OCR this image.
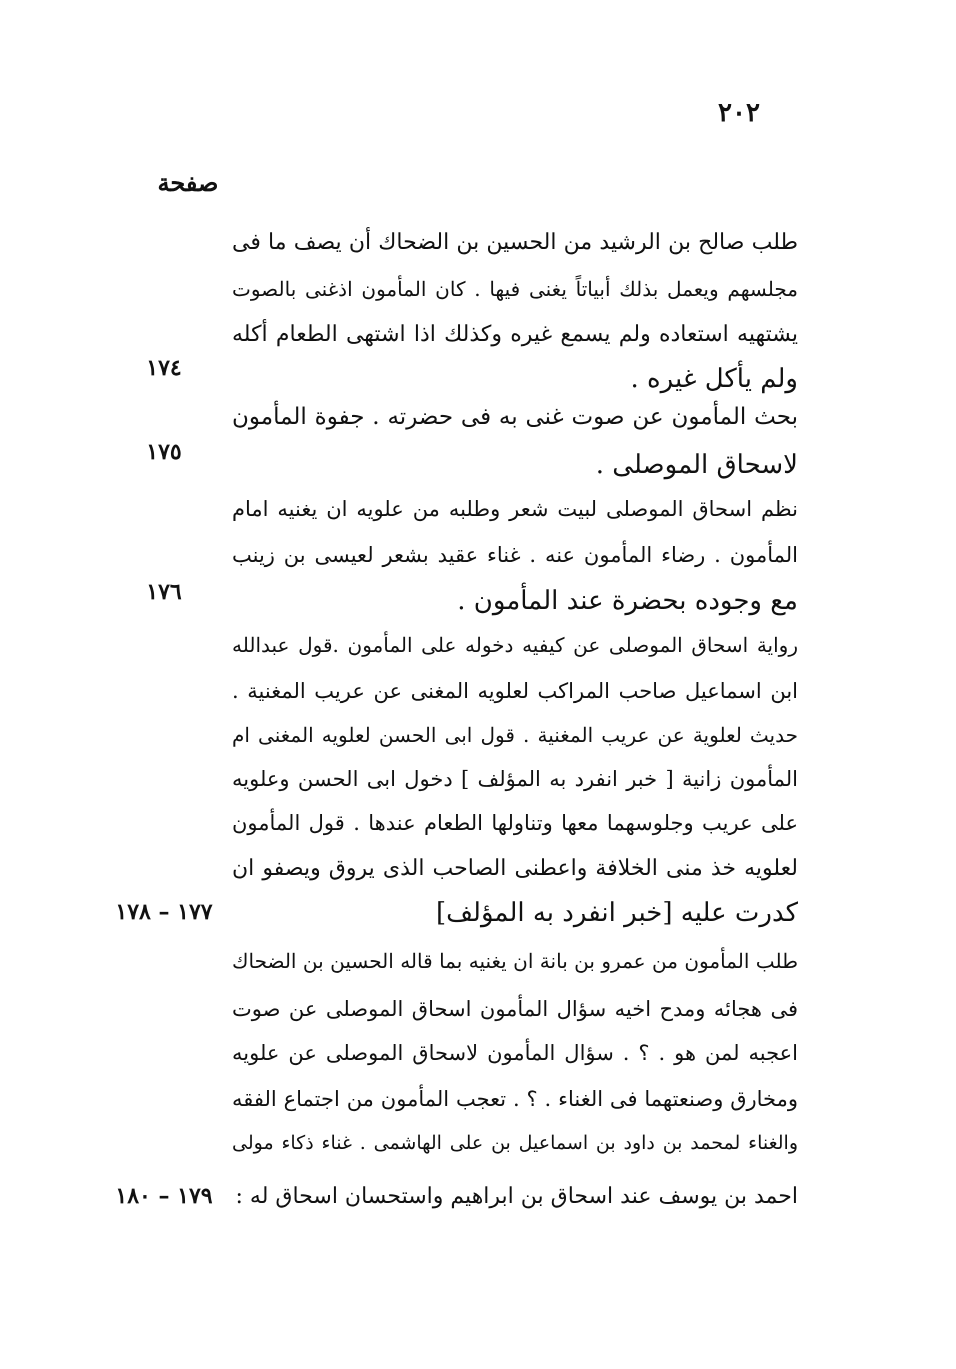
٢٠٢
صفحة
طلب صالح بن الرشيد من الحسين بن الضحاك أن يصف ما فى
مجلسهم ويعمل بذلك أبياتاً يغنى فيها . كان المأمون اذغنى بالصوت
يشتهيه استعاده ولم يسمع غيره وكذلك اذا اشتهى الطعام أكله
ولم يأكل غيره .
١٧٤
بحث المأمون عن صوت غنى به فى حضرته . جفوة المأمون
لاسحاق الموصلى .
١٧٥
نظم اسحاق الموصلى لبيت شعر وطلبه من علويه ان يغنيه امام
المأمون . رضاء المأمون عنه . غناء عقيد بشعر لعيسى بن زينب
مع وجوده بحضرة عند المأمون .
١٧٦
رواية اسحاق الموصلى عن كيفيه دخوله على المأمون .قول عبدالله
ابن اسماعيل صاحب المراكب لعلويه المغنى عن عريب المغنية .
حديث لعلوية عن عريب المغنية . قول ابى الحسن لعلويه المغنى ام
المأمون زانية [ خبر انفرد به المؤلف ] دخول ابى الحسن وعلويه
على عريب وجلوسهما معها وتناولها الطعام عندها . قول المأمون
لعلويه خذ منى الخلافة واعطنى الصاحب الذى يروق ويصفو ان
كدرت عليه [خبر انفرد به المؤلف]
١٧٧ – ١٧٨
طلب المأمون من عمرو بن بانة ان يغنيه بما قاله الحسين بن الضحاك
فى هجائه ومدح اخيه سؤال المأمون اسحاق الموصلى عن صوت
اعجبه لمن هو . ؟ . سؤال المأمون لاسحاق الموصلى عن علويه
ومخارق وصنعتهما فى الغناء . ؟ . تعجب المأمون من اجتماع الفقه
والغناء لمحمد بن داود بن اسماعيل بن على الهاشمى . غناء ذكاء مولى
احمد بن يوسف عند اسحاق بن ابراهيم واستحسان اسحاق له :
١٧٩ – ١٨٠
